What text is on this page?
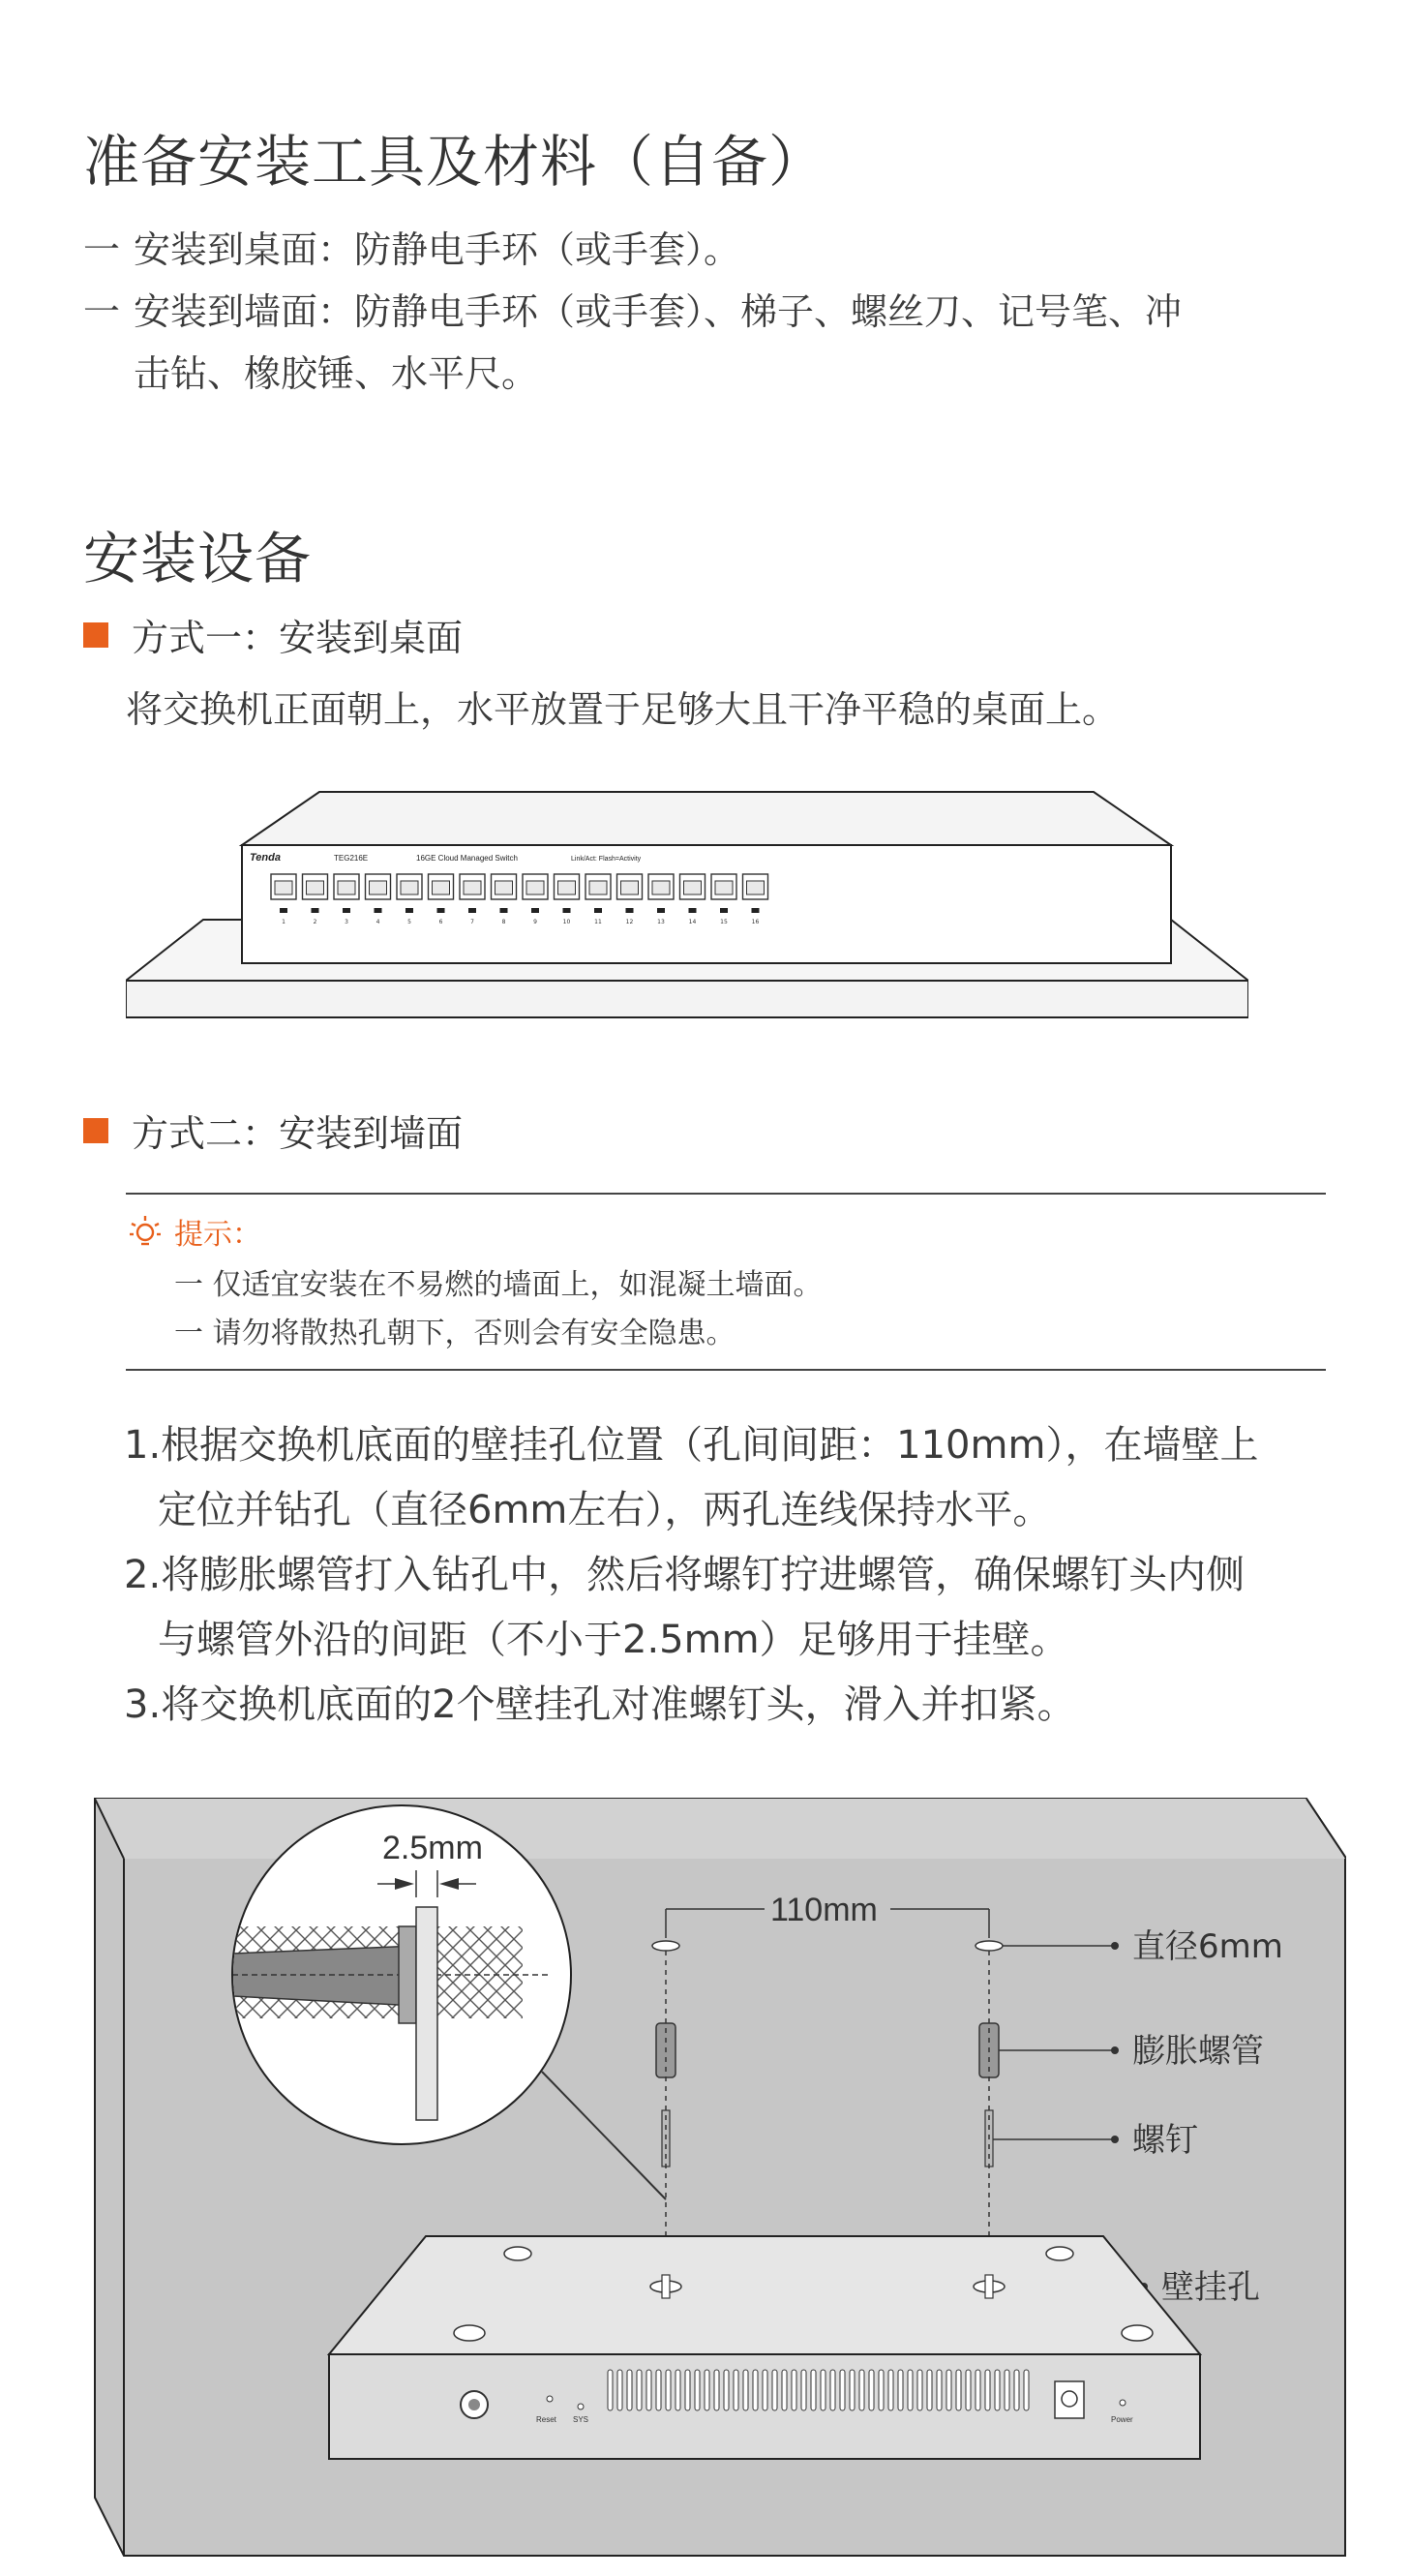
准备安装工具及材料（自备）
一 安装到桌面：防静电手环（或手套）。
一 安装到墙面：防静电手环（或手套）、梯子、螺丝刀、记号笔、冲
击钻、橡胶锤、水平尺。
安装设备
方式一：安装到桌面
将交换机正面朝上，水平放置于足够大且干净平稳的桌面上。
Tenda	TEG216E	16GE Cloud Managed Switch	Link/Act: Flash=Activity
1	2	3	4	5	6	7	8	9	10	11	12	13	14	15	16
方式二：安装到墙面
提示：
一 仅适宜安装在不易燃的墙面上，如混凝土墙面。
一 请勿将散热孔朝下，否则会有安全隐患。
1.根据交换机底面的壁挂孔位置（孔间间距：110mm），在墙壁上
定位并钻孔（直径6mm左右），两孔连线保持水平。
2.将膨胀螺管打入钻孔中，然后将螺钉拧进螺管，确保螺钉头内侧
与螺管外沿的间距（不小于2.5mm）足够用于挂壁。
3.将交换机底面的2个壁挂孔对准螺钉头，滑入并扣紧。
2.5mm
110mm
直径6mm
膨胀螺管
螺钉
壁挂孔
Reset SYS	Power
